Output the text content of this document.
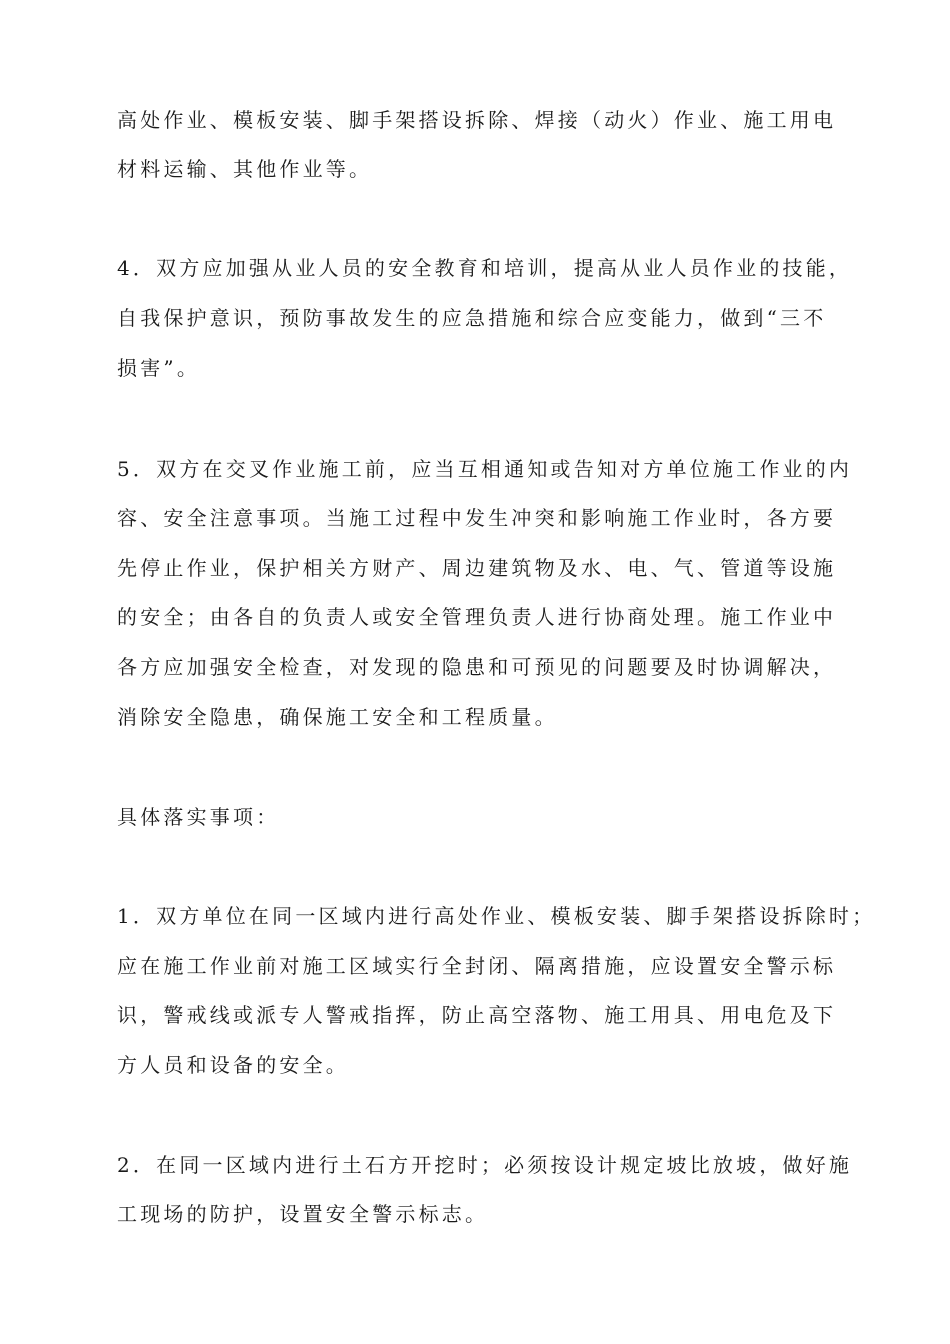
高处作业、模板安装、脚手架搭设拆除、焊接（动火）作业、施工用电
材料运输、其他作业等。
4．双方应加强从业人员的安全教育和培训，提高从业人员作业的技能，
自我保护意识，预防事故发生的应急措施和综合应变能力，做到“三不
损害”。
5．双方在交叉作业施工前，应当互相通知或告知对方单位施工作业的内
容、安全注意事项。当施工过程中发生冲突和影响施工作业时，各方要
先停止作业，保护相关方财产、周边建筑物及水、电、气、管道等设施
的安全；由各自的负责人或安全管理负责人进行协商处理。施工作业中
各方应加强安全检查，对发现的隐患和可预见的问题要及时协调解决，
消除安全隐患，确保施工安全和工程质量。
具体落实事项：
1．双方单位在同一区域内进行高处作业、模板安装、脚手架搭设拆除时；
应在施工作业前对施工区域实行全封闭、隔离措施，应设置安全警示标
识，警戒线或派专人警戒指挥，防止高空落物、施工用具、用电危及下
方人员和设备的安全。
2．在同一区域内进行土石方开挖时；必须按设计规定坡比放坡，做好施
工现场的防护，设置安全警示标志。
